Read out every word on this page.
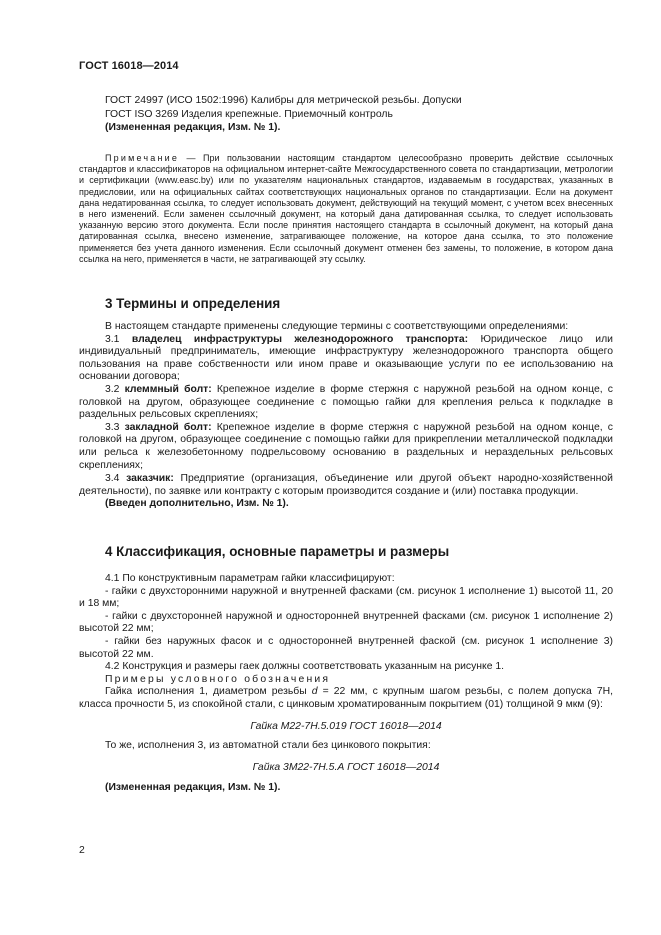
ГОСТ 16018—2014
ГОСТ 24997 (ИСО 1502:1996) Калибры для метрической резьбы. Допуски
ГОСТ ISO 3269 Изделия крепежные. Приемочный контроль
(Измененная редакция, Изм. № 1).
Примечание — При пользовании настоящим стандартом целесообразно проверить действие ссылочных стандартов и классификаторов на официальном интернет-сайте Межгосударственного совета по стандартизации, метрологии и сертификации (www.easc.by) или по указателям национальных стандартов, издаваемым в государствах, указанных в предисловии, или на официальных сайтах соответствующих национальных органов по стандартизации. Если на документ дана недатированная ссылка, то следует использовать документ, действующий на текущий момент, с учетом всех внесенных в него изменений. Если заменен ссылочный документ, на который дана датированная ссылка, то следует использовать указанную версию этого документа. Если после принятия настоящего стандарта в ссылочный документ, на который дана датированная ссылка, внесено изменение, затрагивающее положение, на которое дана ссылка, то это положение применяется без учета данного изменения. Если ссылочный документ отменен без замены, то положение, в котором дана ссылка на него, применяется в части, не затрагивающей эту ссылку.
3 Термины и определения

В настоящем стандарте применены следующие термины с соответствующими определениями:

3.1 владелец инфраструктуры железнодорожного транспорта: Юридическое лицо или индивидуальный предприниматель, имеющие инфраструктуру железнодорожного транспорта общего пользования на праве собственности или ином праве и оказывающие услуги по ее использованию на основании договора;

3.2 клеммный болт: Крепежное изделие в форме стержня с наружной резьбой на одном конце, с головкой на другом, образующее соединение с помощью гайки для крепления рельса к подкладке в раздельных рельсовых скреплениях;

3.3 закладной болт: Крепежное изделие в форме стержня с наружной резьбой на одном конце, с головкой на другом, образующее соединение с помощью гайки для прикреплении металлической подкладки или рельса к железобетонному подрельсовому основанию в раздельных и нераздельных рельсовых скреплениях;

3.4 заказчик: Предприятие (организация, объединение или другой объект народно-хозяйственной деятельности), по заявке или контракту с которым производится создание и (или) поставка продукции.

(Введен дополнительно, Изм. № 1).

4 Классификация, основные параметры и размеры

4.1 По конструктивным параметрам гайки классифицируют:

- гайки с двухсторонними наружной и внутренней фасками (см. рисунок 1 исполнение 1) высотой 11, 20 и 18 мм;

- гайки с двухсторонней наружной и односторонней внутренней фасками (см. рисунок 1 исполнение 2) высотой 22 мм;

- гайки без наружных фасок и с односторонней внутренней фаской (см. рисунок 1 исполнение 3) высотой 22 мм.

4.2 Конструкция и размеры гаек должны соответствовать указанным на рисунке 1.

Примеры условного обозначения

Гайка исполнения 1, диаметром резьбы d = 22 мм, с крупным шагом резьбы, с полем допуска 7Н, класса прочности 5, из спокойной стали, с цинковым хроматированным покрытием (01) толщиной 9 мкм (9):

Гайка М22-7Н.5.019 ГОСТ 16018—2014

То же, исполнения 3, из автоматной стали без цинкового покрытия:

Гайка 3М22-7Н.5.А ГОСТ 16018—2014

(Измененная редакция, Изм. № 1).

2
